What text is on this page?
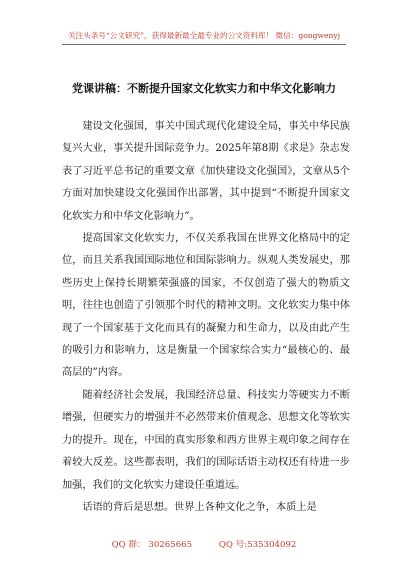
关注头条号“公文研究”，获得最新最全最专业的公文资料库！ 微信：gongwenyj
党课讲稿：不断提升国家文化软实力和中华文化影响力

建设文化强国，事关中国式现代化建设全局，事关中华民族复兴大业，事关提升国际竞争力。2025年第8期《求是》杂志发表了习近平总书记的重要文章《加快建设文化强国》，文章从5个方面对加快建设文化强国作出部署，其中提到“不断提升国家文化软实力和中华文化影响力”。

提高国家文化软实力，不仅关系我国在世界文化格局中的定位，而且关系我国国际地位和国际影响力。纵观人类发展史，那些历史上保持长期繁荣强盛的国家，不仅创造了强大的物质文明，往往也创造了引领那个时代的精神文明。文化软实力集中体现了一个国家基于文化而具有的凝聚力和生命力，以及由此产生的吸引力和影响力，这是衡量一个国家综合实力“最核心的、最高层的”内容。

随着经济社会发展，我国经济总量、科技实力等硬实力不断增强，但硬实力的增强并不必然带来价值观念、思想文化等软实力的提升。现在，中国的真实形象和西方世界主观印象之间存在着较大反差。这些都表明，我们的国际话语主动权还有待进一步加强，我们的文化软实力建设任重道远。

话语的背后是思想。世界上各种文化之争，本质上是

QQ 群： 30265665	QQ 号:535304092
